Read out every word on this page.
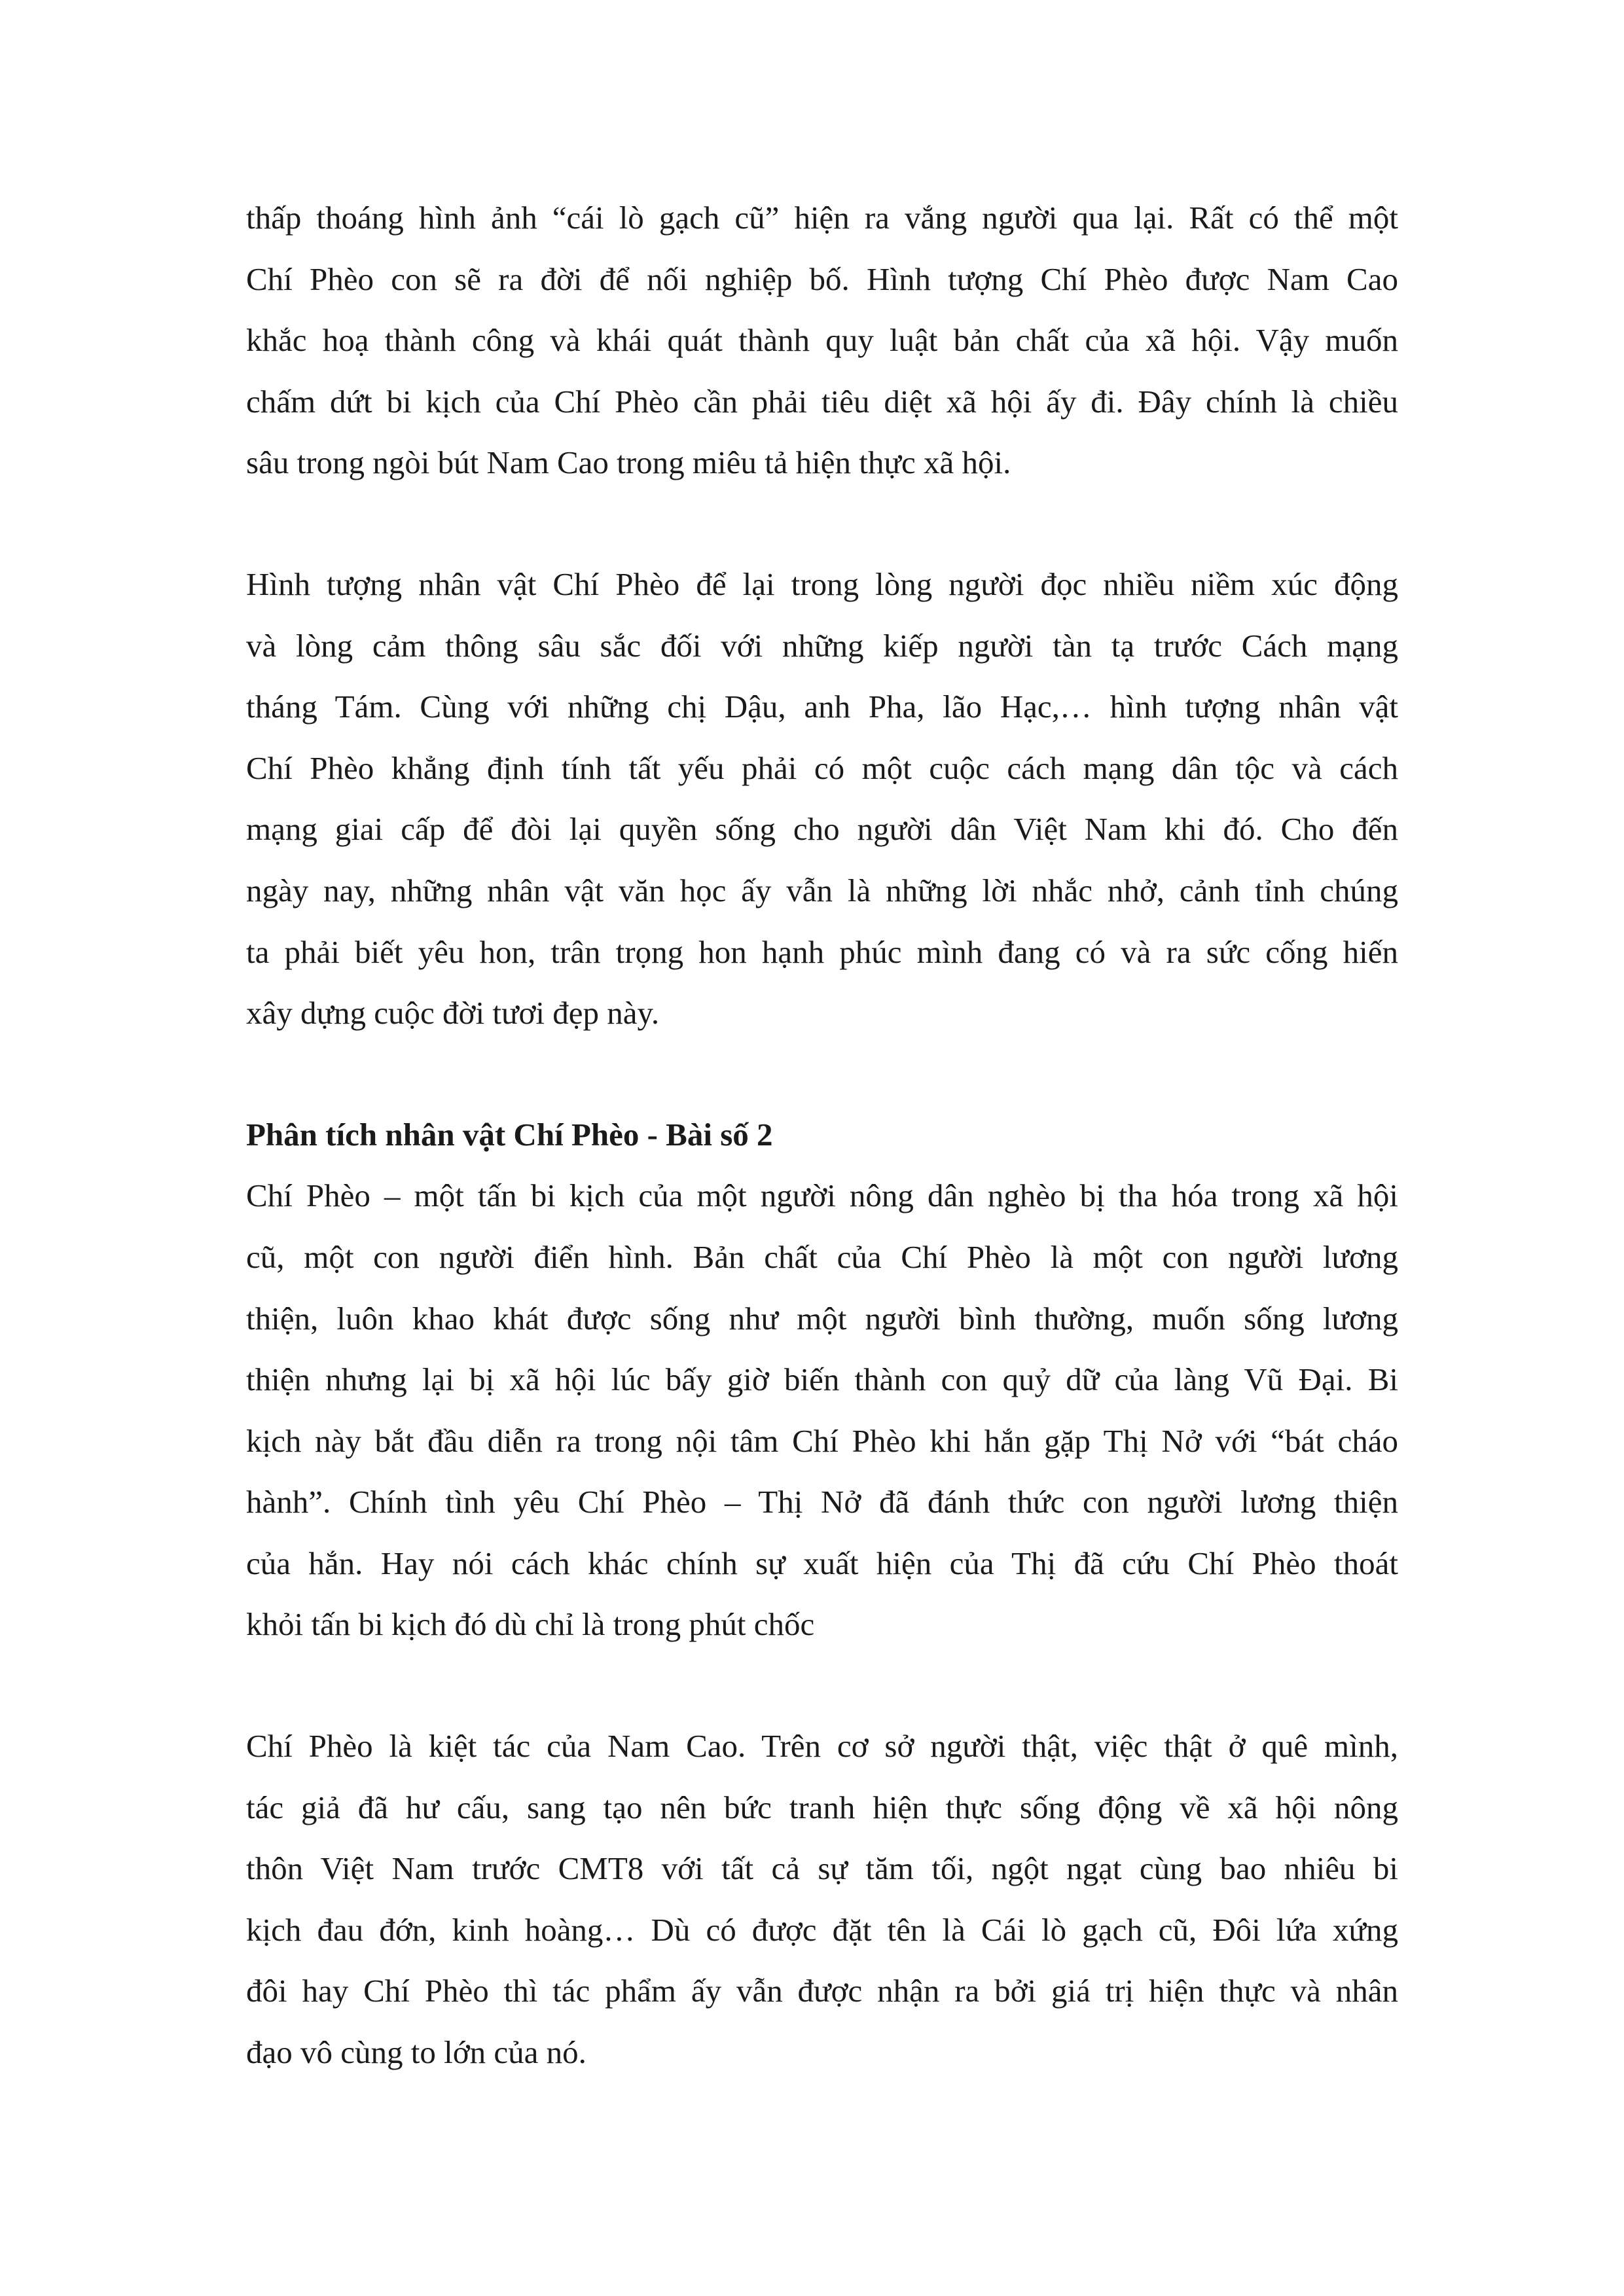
thấp thoáng hình ảnh “cái lò gạch cũ” hiện ra vắng người qua lại. Rất có thể một
Chí Phèo con sẽ ra đời để nối nghiệp bố. Hình tượng Chí Phèo được Nam Cao
khắc hoạ thành công và khái quát thành quy luật bản chất của xã hội. Vậy muốn
chấm dứt bi kịch của Chí Phèo cần phải tiêu diệt xã hội ấy đi. Đây chính là chiều
sâu trong ngòi bút Nam Cao trong miêu tả hiện thực xã hội.

Hình tượng nhân vật Chí Phèo để lại trong lòng người đọc nhiều niềm xúc động
và lòng cảm thông sâu sắc đối với những kiếp người tàn tạ trước Cách mạng
tháng Tám. Cùng với những chị Dậu, anh Pha, lão Hạc,… hình tượng nhân vật
Chí Phèo khẳng định tính tất yếu phải có một cuộc cách mạng dân tộc và cách
mạng giai cấp để đòi lại quyền sống cho người dân Việt Nam khi đó. Cho đến
ngày nay, những nhân vật văn học ấy vẫn là những lời nhắc nhở, cảnh tỉnh chúng
ta phải biết yêu hon, trân trọng hon hạnh phúc mình đang có và ra sức cống hiến
xây dựng cuộc đời tươi đẹp này.

Phân tích nhân vật Chí Phèo - Bài số 2

Chí Phèo – một tấn bi kịch của một người nông dân nghèo bị tha hóa trong xã hội
cũ, một con người điển hình. Bản chất của Chí Phèo là một con người lương
thiện, luôn khao khát được sống như một người bình thường, muốn sống lương
thiện nhưng lại bị xã hội lúc bấy giờ biến thành con quỷ dữ của làng Vũ Đại. Bi
kịch này bắt đầu diễn ra trong nội tâm Chí Phèo khi hắn gặp Thị Nở với “bát cháo
hành”. Chính tình yêu Chí Phèo – Thị Nở đã đánh thức con người lương thiện
của hắn. Hay nói cách khác chính sự xuất hiện của Thị đã cứu Chí Phèo thoát
khỏi tấn bi kịch đó dù chỉ là trong phút chốc

Chí Phèo là kiệt tác của Nam Cao. Trên cơ sở người thật, việc thật ở quê mình,
tác giả đã hư cấu, sang tạo nên bức tranh hiện thực sống động về xã hội nông
thôn Việt Nam trước CMT8 với tất cả sự tăm tối, ngột ngạt cùng bao nhiêu bi
kịch đau đớn, kinh hoàng… Dù có được đặt tên là Cái lò gạch cũ, Đôi lứa xứng
đôi hay Chí Phèo thì tác phẩm ấy vẫn được nhận ra bởi giá trị hiện thực và nhân
đạo vô cùng to lớn của nó.
